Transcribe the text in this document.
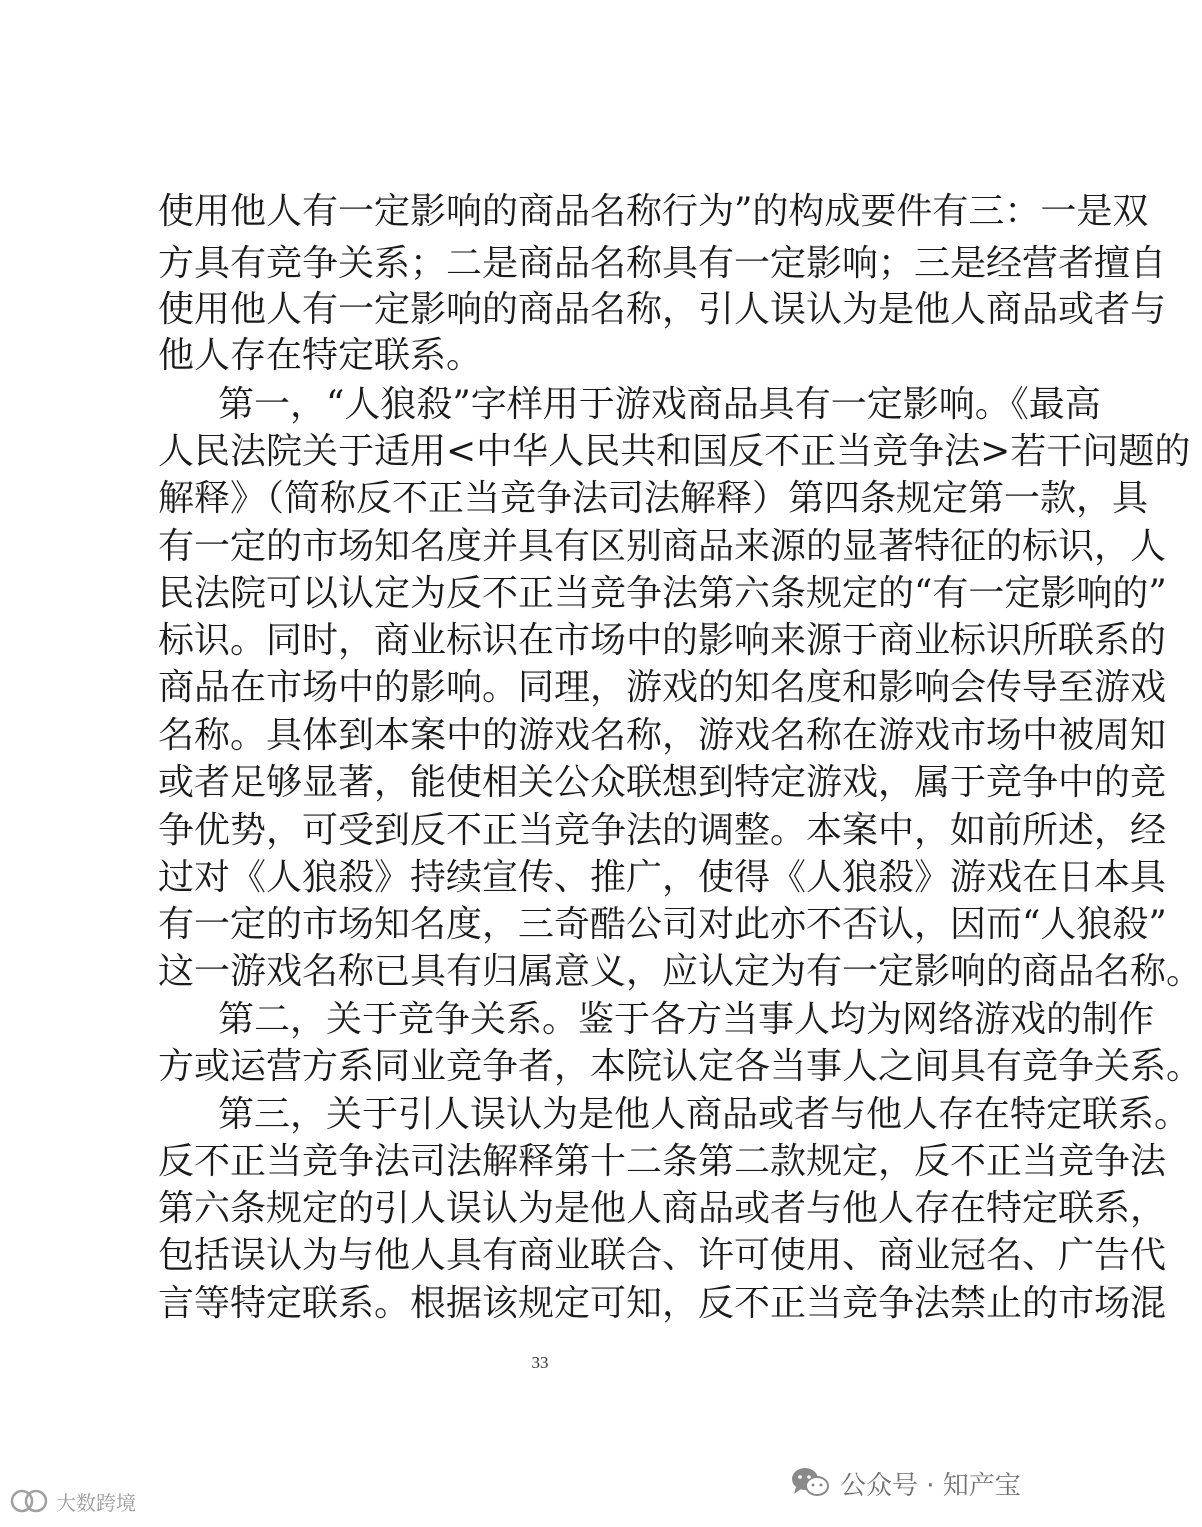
使用他人有一定影响的商品名称行为”的构成要件有三：一是双
方具有竞争关系；二是商品名称具有一定影响；三是经营者擅自
使用他人有一定影响的商品名称，引人误认为是他人商品或者与
他人存在特定联系。
第一，“人狼殺”字样用于游戏商品具有一定影响。《最高
人民法院关于适用<中华人民共和国反不正当竞争法>若干问题的
解释》（简称反不正当竞争法司法解释）第四条规定第一款，具
有一定的市场知名度并具有区别商品来源的显著特征的标识，人
民法院可以认定为反不正当竞争法第六条规定的“有一定影响的”
标识。同时，商业标识在市场中的影响来源于商业标识所联系的
商品在市场中的影响。同理，游戏的知名度和影响会传导至游戏
名称。具体到本案中的游戏名称，游戏名称在游戏市场中被周知
或者足够显著，能使相关公众联想到特定游戏，属于竞争中的竞
争优势，可受到反不正当竞争法的调整。本案中，如前所述，经
过对《人狼殺》持续宣传、推广，使得《人狼殺》游戏在日本具
有一定的市场知名度，三奇酷公司对此亦不否认，因而“人狼殺”
这一游戏名称已具有归属意义，应认定为有一定影响的商品名称。
第二，关于竞争关系。鉴于各方当事人均为网络游戏的制作
方或运营方系同业竞争者，本院认定各当事人之间具有竞争关系。
第三，关于引人误认为是他人商品或者与他人存在特定联系。
反不正当竞争法司法解释第十二条第二款规定，反不正当竞争法
第六条规定的引人误认为是他人商品或者与他人存在特定联系，
包括误认为与他人具有商业联合、许可使用、商业冠名、广告代
言等特定联系。根据该规定可知，反不正当竞争法禁止的市场混
33
大数跨境
公众号 · 知产宝
